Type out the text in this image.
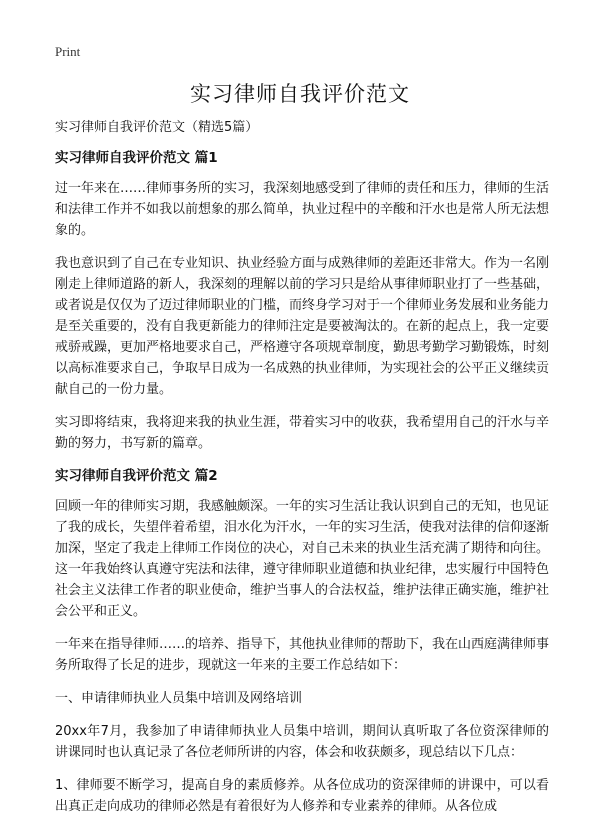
Print
实习律师自我评价范文

实习律师自我评价范文（精选5篇）

实习律师自我评价范文 篇1

过一年来在……律师事务所的实习，我深刻地感受到了律师的责任和压力，律师的生活和法律工作并不如我以前想象的那么简单，执业过程中的辛酸和汗水也是常人所无法想象的。

我也意识到了自己在专业知识、执业经验方面与成熟律师的差距还非常大。作为一名刚刚走上律师道路的新人，我深刻的理解以前的学习只是给从事律师职业打了一些基础，或者说是仅仅为了迈过律师职业的门槛，而终身学习对于一个律师业务发展和业务能力是至关重要的，没有自我更新能力的律师注定是要被淘汰的。在新的起点上，我一定要戒骄戒躁，更加严格地要求自己，严格遵守各项规章制度，勤思考勤学习勤锻炼，时刻以高标准要求自己，争取早日成为一名成熟的执业律师，为实现社会的公平正义继续贡献自己的一份力量。

实习即将结束，我将迎来我的执业生涯，带着实习中的收获，我希望用自己的汗水与辛勤的努力，书写新的篇章。

实习律师自我评价范文 篇2

回顾一年的律师实习期，我感触颇深。一年的实习生活让我认识到自己的无知，也见证了我的成长，失望伴着希望，泪水化为汗水，一年的实习生活，使我对法律的信仰逐渐加深，坚定了我走上律师工作岗位的决心，对自己未来的执业生活充满了期待和向往。这一年我始终认真遵守宪法和法律，遵守律师职业道德和执业纪律，忠实履行中国特色社会主义法律工作者的职业使命，维护当事人的合法权益，维护法律正确实施，维护社会公平和正义。

一年来在指导律师……的培养、指导下，其他执业律师的帮助下，我在山西庭满律师事务所取得了长足的进步，现就这一年来的主要工作总结如下：

一、申请律师执业人员集中培训及网络培训

20xx年7月，我参加了申请律师执业人员集中培训，期间认真听取了各位资深律师的讲课同时也认真记录了各位老师所讲的内容，体会和收获颇多，现总结以下几点：

1、律师要不断学习，提高自身的素质修养。从各位成功的资深律师的讲课中，可以看出真正走向成功的律师必然是有着很好为人修养和专业素养的律师。从各位成
